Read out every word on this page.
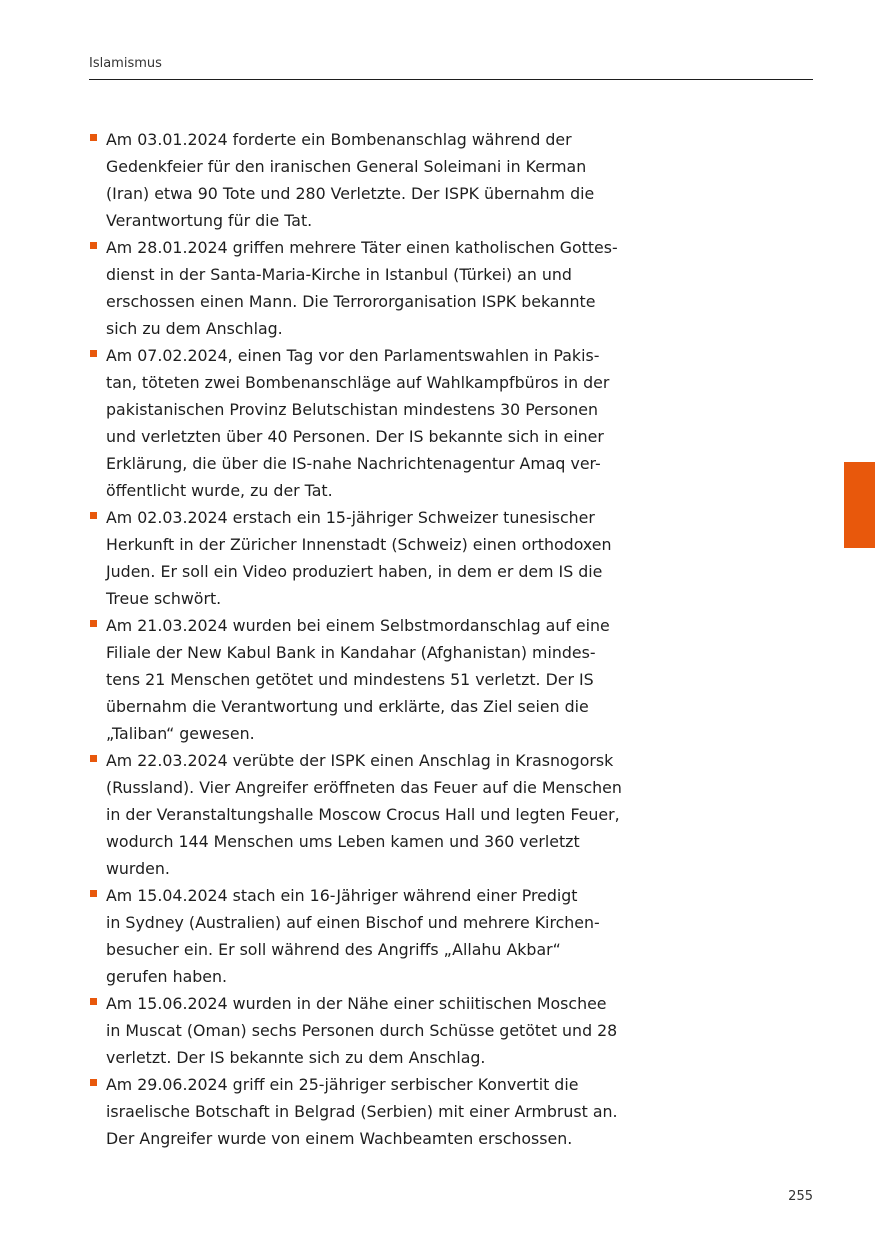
Islamismus
Am 03.01.2024 forderte ein Bombenanschlag während der
Gedenkfeier für den iranischen General Soleimani in Kerman
(Iran) etwa 90 Tote und 280 Verletzte. Der ISPK übernahm die
Verantwortung für die Tat.
Am 28.01.2024 griffen mehrere Täter einen katholischen Gottes-
dienst in der Santa-Maria-Kirche in Istanbul (Türkei) an und
erschossen einen Mann. Die Terrororganisation ISPK bekannte
sich zu dem Anschlag.
Am 07.02.2024, einen Tag vor den Parlamentswahlen in Pakis-
tan, töteten zwei Bombenanschläge auf Wahlkampfbüros in der
pakistanischen Provinz Belutschistan mindestens 30 Personen
und verletzten über 40 Personen. Der IS bekannte sich in einer
Erklärung, die über die IS-nahe Nachrichtenagentur Amaq ver-
öffentlicht wurde, zu der Tat.
Am 02.03.2024 erstach ein 15-jähriger Schweizer tunesischer
Herkunft in der Züricher Innenstadt (Schweiz) einen orthodoxen
Juden. Er soll ein Video produziert haben, in dem er dem IS die
Treue schwört.
Am 21.03.2024 wurden bei einem Selbstmordanschlag auf eine
Filiale der New Kabul Bank in Kandahar (Afghanistan) mindes-
tens 21 Menschen getötet und mindestens 51 verletzt. Der IS
übernahm die Verantwortung und erklärte, das Ziel seien die
„Taliban“ gewesen.
Am 22.03.2024 verübte der ISPK einen Anschlag in Krasnogorsk
(Russland). Vier Angreifer eröffneten das Feuer auf die Menschen
in der Veranstaltungshalle Moscow Crocus Hall und legten Feuer,
wodurch 144 Menschen ums Leben kamen und 360 verletzt
wurden.
Am 15.04.2024 stach ein 16-Jähriger während einer Predigt
in Sydney (Australien) auf einen Bischof und mehrere Kirchen-
besucher ein. Er soll während des Angriffs „Allahu Akbar“
gerufen haben.
Am 15.06.2024 wurden in der Nähe einer schiitischen Moschee
in Muscat (Oman) sechs Personen durch Schüsse getötet und 28
verletzt. Der IS bekannte sich zu dem Anschlag.
Am 29.06.2024 griff ein 25-jähriger serbischer Konvertit die
israelische Botschaft in Belgrad (Serbien) mit einer Armbrust an.
Der Angreifer wurde von einem Wachbeamten erschossen.
255
